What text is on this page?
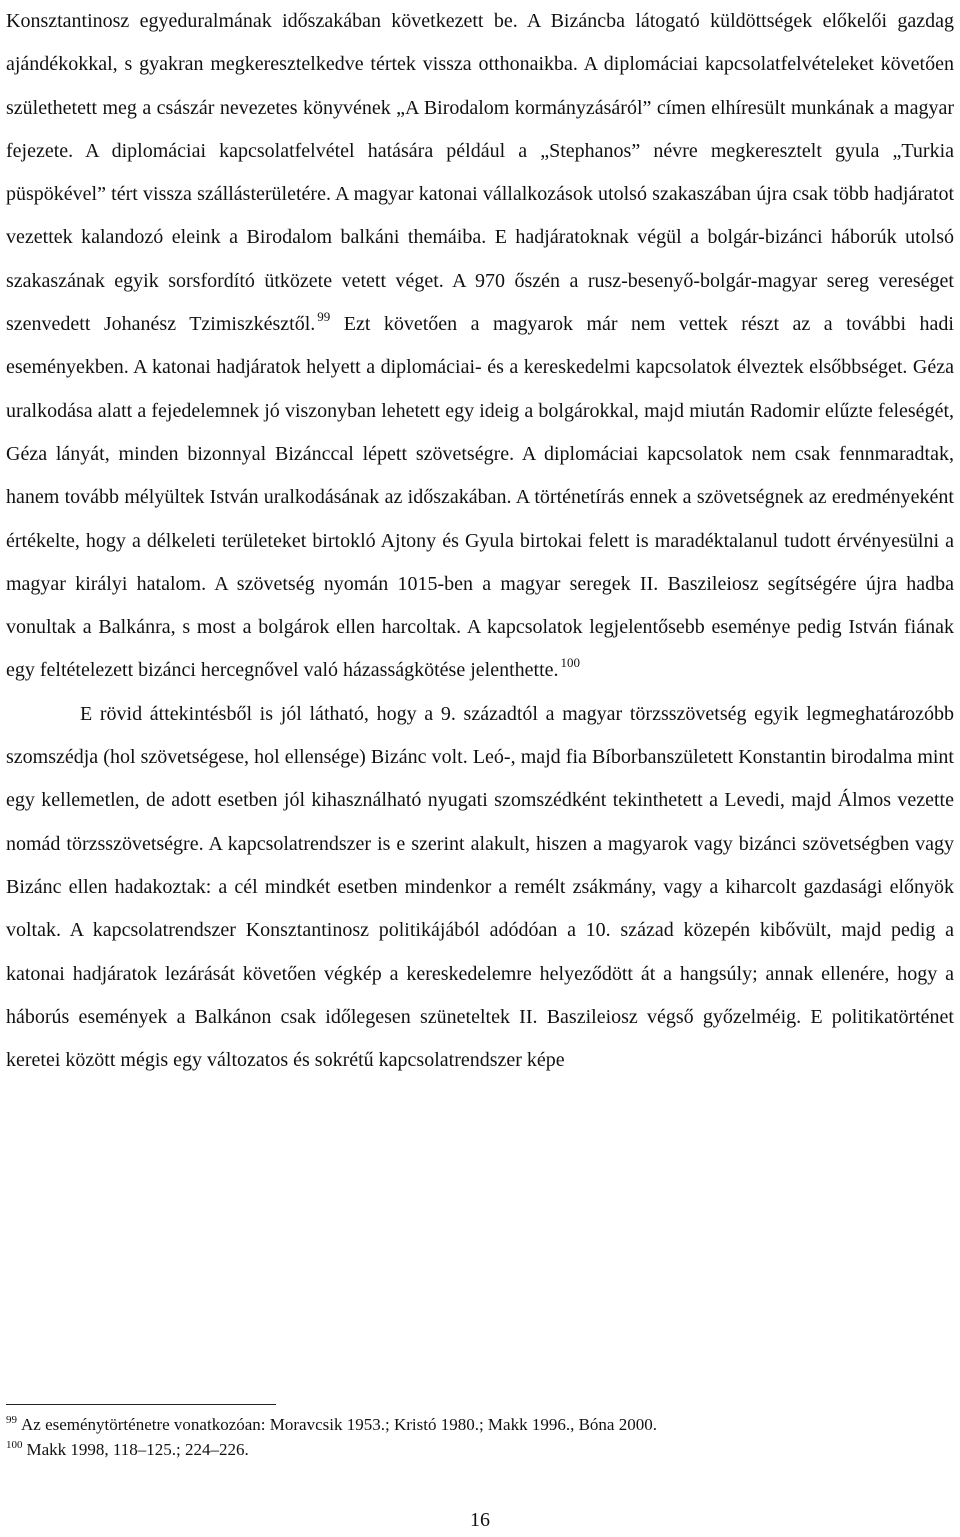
Konsztantinosz egyeduralmának időszakában következett be. A Bizáncba látogató küldöttségek előkelői gazdag ajándékokkal, s gyakran megkeresztelkedve tértek vissza otthonaikba. A diplomáciai kapcsolatfelvételeket követően születhetett meg a császár nevezetes könyvének „A Birodalom kormányzásáról” címen elhíresült munkának a magyar fejezete. A diplomáciai kapcsolatfelvétel hatására például a „Stephanos” névre megkeresztelt gyula „Turkia püspökével” tért vissza szállásterületére. A magyar katonai vállalkozások utolsó szakaszában újra csak több hadjáratot vezettek kalandozó eleink a Birodalom balkáni themáiba. E hadjáratoknak végül a bolgár-bizánci háborúk utolsó szakaszának egyik sorsfordító ütközete vetett véget. A 970 őszén a rusz-besenyő-bolgár-magyar sereg vereséget szenvedett Johanész Tzimiszkésztől. $^{99}$ Ezt követően a magyarok már nem vettek részt az a további hadi eseményekben. A katonai hadjáratok helyett a diplomáciai- és a kereskedelmi kapcsolatok élveztek elsőbbséget. Géza uralkodása alatt a fejedelemnek jó viszonyban lehetett egy ideig a bolgárokkal, majd miután Radomir elűzte feleségét, Géza lányát, minden bizonnyal Bizánccal lépett szövetségre. A diplomáciai kapcsolatok nem csak fennmaradtak, hanem tovább mélyültek István uralkodásának az időszakában. A történetírás ennek a szövetségnek az eredményeként értékelte, hogy a délkeleti területeket birtokló Ajtony és Gyula birtokai felett is maradéktalanul tudott érvényesülni a magyar királyi hatalom. A szövetség nyomán 1015-ben a magyar seregek II. Baszileiosz segítségére újra hadba vonultak a Balkánra, s most a bolgárok ellen harcoltak. A kapcsolatok legjelentősebb eseménye pedig István fiának egy feltételezett bizánci hercegnővel való házasságkötése jelenthette. $^{100}$

E rövid áttekintésből is jól látható, hogy a 9. századtól a magyar törzsszövetség egyik legmeghatározóbb szomszédja (hol szövetségese, hol ellensége) Bizánc volt. Leó-, majd fia Bíborbanszületett Konstantin birodalma mint egy kellemetlen, de adott esetben jól kihasználható nyugati szomszédként tekinthetett a Levedi, majd Álmos vezette nomád törzsszövetségre. A kapcsolatrendszer is e szerint alakult, hiszen a magyarok vagy bizánci szövetségben vagy Bizánc ellen hadakoztak: a cél mindkét esetben mindenkor a remélt zsákmány, vagy a kiharcolt gazdasági előnyök voltak. A kapcsolatrendszer Konsztantinosz politikájából adódóan a 10. század közepén kibővült, majd pedig a katonai hadjáratok lezárását követően végkép a kereskedelemre helyeződött át a hangsúly; annak ellenére, hogy a háborús események a Balkánon csak időlegesen szüneteltek II. Baszileiosz végső győzelméig. E politikatörténet keretei között mégis egy változatos és sokrétű kapcsolatrendszer képe

$^{99}$ Az eseménytörténetre vonatkozóan: Moravcsik 1953.; Kristó 1980.; Makk 1996., Bóna 2000.

$^{100}$ Makk 1998, 118–125.; 224–226.

16
